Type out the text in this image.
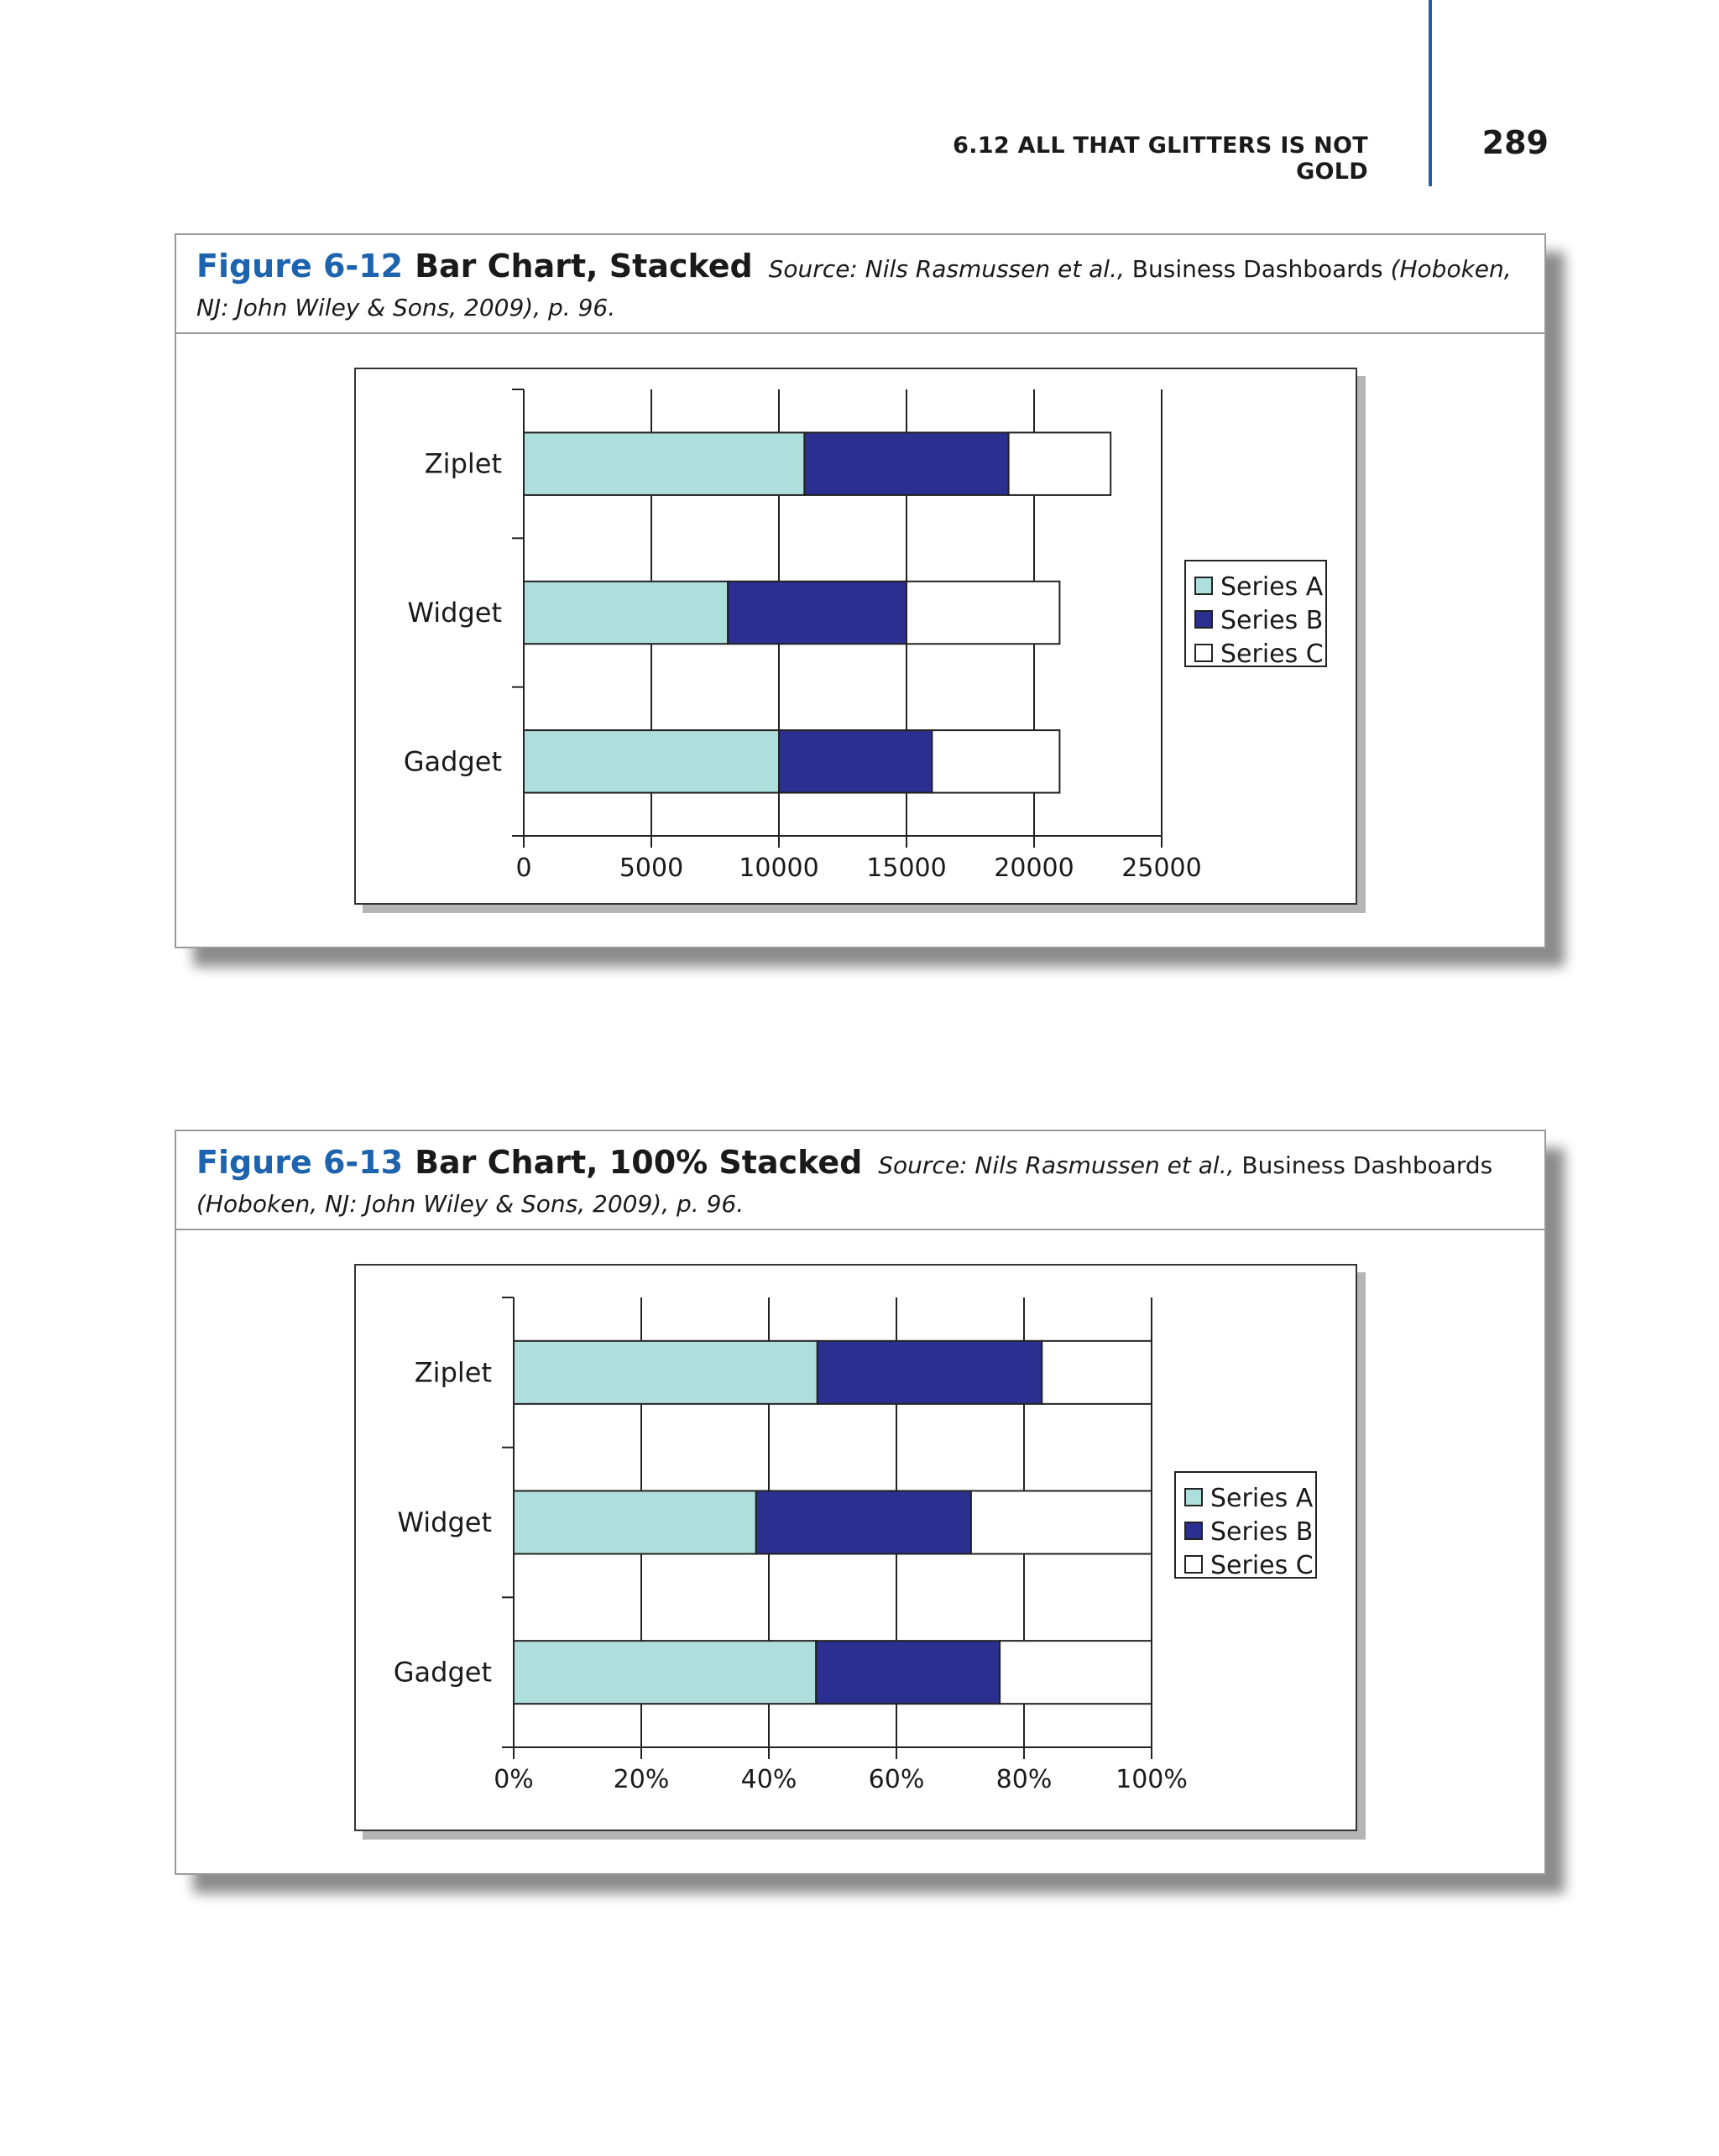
6.12 ALL THAT GLITTERS IS NOT GOLD
289
Figure 6-12 Bar Chart, Stacked Source: Nils Rasmussen et al., Business Dashboards (Hoboken, NJ: John Wiley & Sons, 2009), p. 96.
0	5000 10000 15000 20000 25000
Ziplet
Widget
Gadget
Series A
Series B
Series C
Figure 6-13 Bar Chart, 100% Stacked Source: Nils Rasmussen et al., Business Dashboards (Hoboken, NJ: John Wiley & Sons, 2009), p. 96.
0%	20%	40%	60%	80%	100%
Ziplet
Widget
Gadget
Series A
Series B
Series C
